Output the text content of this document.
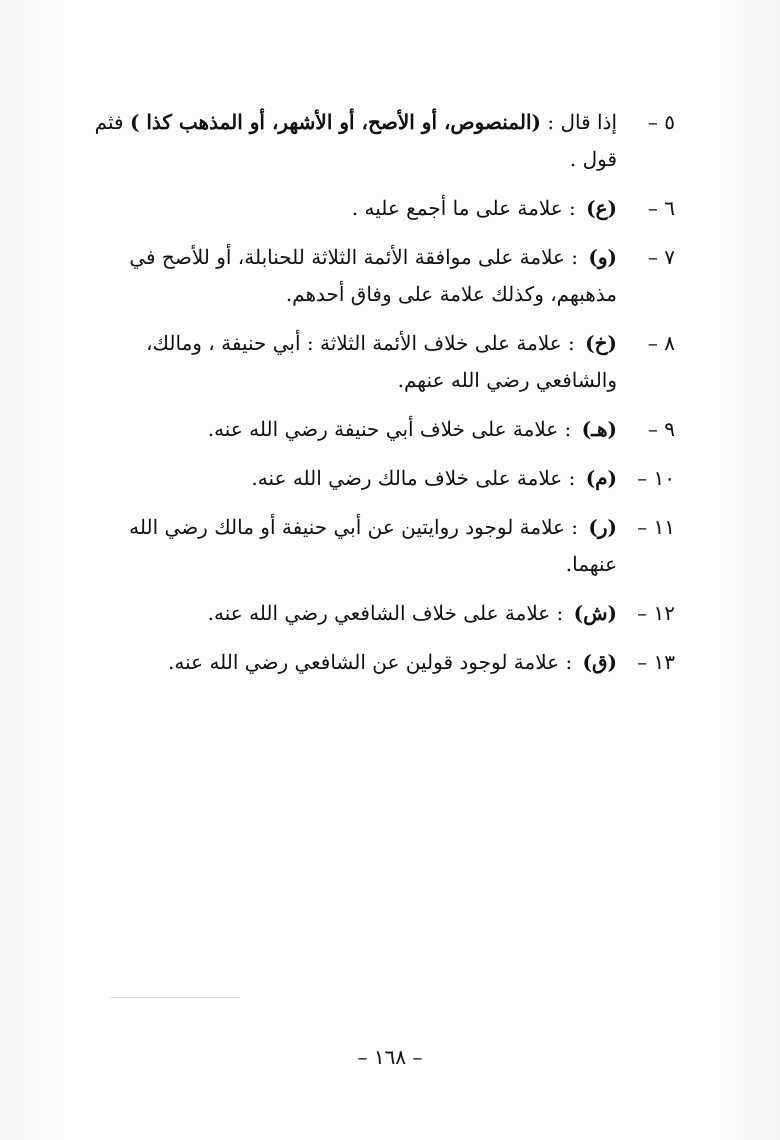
٥ –
إذا قال : (المنصوص، أو الأصح، أو الأشهر، أو المذهب كذا ) فثم قول .
٦ –
(ع) : علامة على ما أجمع عليه .
٧ –
(و) : علامة على موافقة الأئمة الثلاثة للحنابلة، أو للأصح في مذهبهم، وكذلك علامة على وفاق أحدهم.
٨ –
(خ) : علامة على خلاف الأئمة الثلاثة : أبي حنيفة ، ومالك، والشافعي رضي الله عنهم.
٩ –
(هـ) : علامة على خلاف أبي حنيفة رضي الله عنه.
١٠ –
(م) : علامة على خلاف مالك رضي الله عنه.
١١ –
(ر) : علامة لوجود روايتين عن أبي حنيفة أو مالك رضي الله عنهما.
١٢ –
(ش) : علامة على خلاف الشافعي رضي الله عنه.
١٣ –
(ق) : علامة لوجود قولين عن الشافعي رضي الله عنه.
– ١٦٨ –
